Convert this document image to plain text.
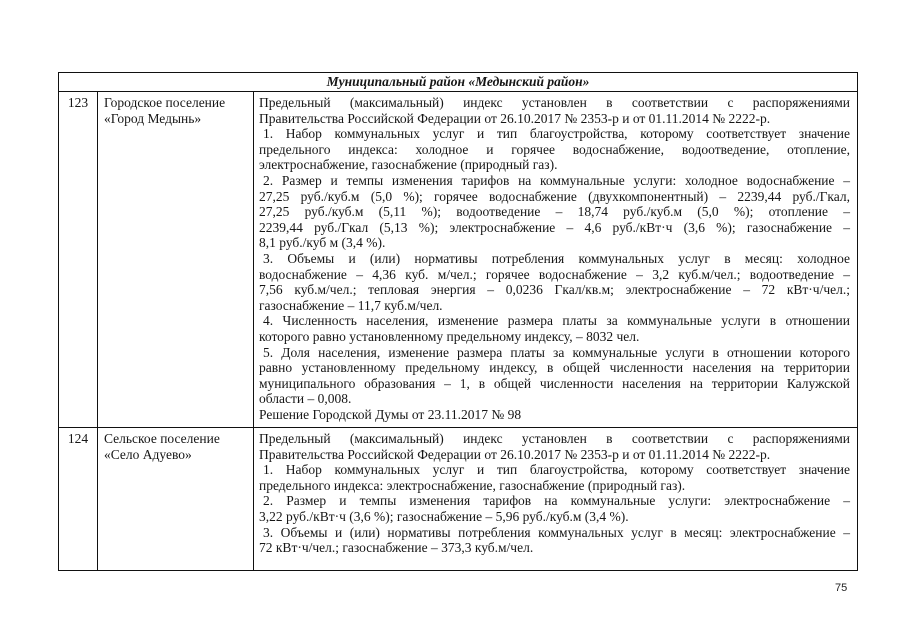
Муниципальный район «Медынский район»
123	Городское поселение
«Город Медынь»
Предельный (максимальный) индекс установлен в соответствии с распоряжениями
Правительства Российской Федерации от 26.10.2017 № 2353-р и от 01.11.2014 № 2222-р.
1. Набор коммунальных услуг и тип благоустройства, которому соответствует значение
предельного индекса: холодное и горячее водоснабжение, водоотведение, отопление,
электроснабжение, газоснабжение (природный газ).
2. Размер и темпы изменения тарифов на коммунальные услуги: холодное водоснабжение –
27,25 руб./куб.м (5,0 %); горячее водоснабжение (двухкомпонентный) – 2239,44 руб./Гкал,
27,25 руб./куб.м (5,11 %); водоотведение – 18,74 руб./куб.м (5,0 %); отопление –
2239,44 руб./Гкал (5,13 %); электроснабжение – 4,6 руб./кВт·ч (3,6 %); газоснабжение –
8,1 руб./куб м (3,4 %).
3. Объемы и (или) нормативы потребления коммунальных услуг в месяц: холодное
водоснабжение – 4,36 куб. м/чел.; горячее водоснабжение – 3,2 куб.м/чел.; водоотведение –
7,56 куб.м/чел.; тепловая энергия – 0,0236 Гкал/кв.м; электроснабжение – 72 кВт·ч/чел.;
газоснабжение – 11,7 куб.м/чел.
4. Численность населения, изменение размера платы за коммунальные услуги в отношении
которого равно установленному предельному индексу, – 8032 чел.
5. Доля населения, изменение размера платы за коммунальные услуги в отношении которого
равно установленному предельному индексу, в общей численности населения на территории
муниципального образования – 1, в общей численности населения на территории Калужской
области – 0,008.
Решение Городской Думы от 23.11.2017 № 98
124	Сельское поселение
«Село Адуево»
Предельный (максимальный) индекс установлен в соответствии с распоряжениями
Правительства Российской Федерации от 26.10.2017 № 2353-р и от 01.11.2014 № 2222-р.
1. Набор коммунальных услуг и тип благоустройства, которому соответствует значение
предельного индекса: электроснабжение, газоснабжение (природный газ).
2. Размер и темпы изменения тарифов на коммунальные услуги: электроснабжение –
3,22 руб./кВт·ч (3,6 %); газоснабжение – 5,96 руб./куб.м (3,4 %).
3. Объемы и (или) нормативы потребления коммунальных услуг в месяц: электроснабжение –
72 кВт·ч/чел.; газоснабжение – 373,3 куб.м/чел.
75
